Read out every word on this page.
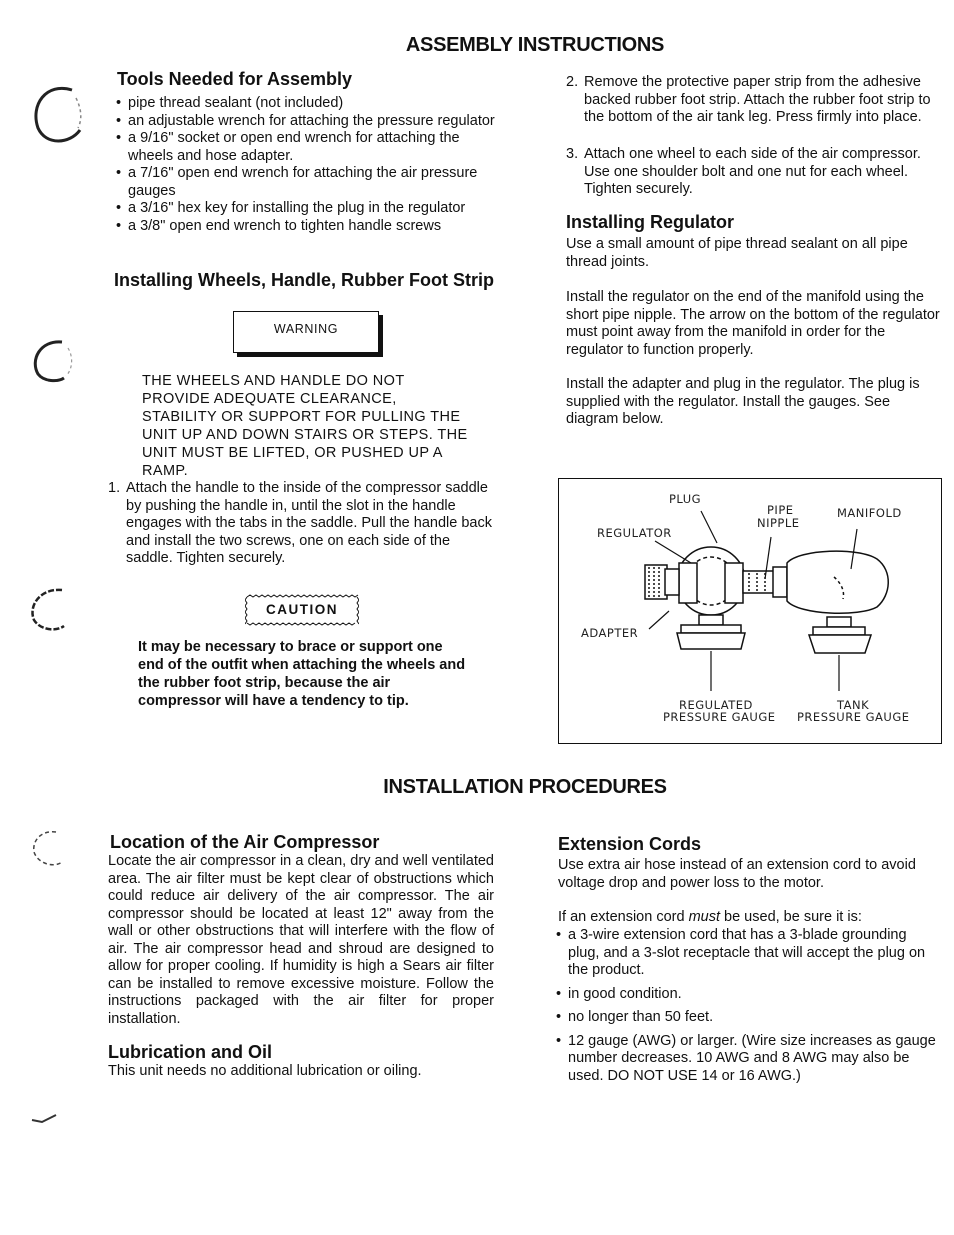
ASSEMBLY INSTRUCTIONS
Tools Needed for Assembly
• pipe thread sealant (not included)
• an adjustable wrench for attaching the pressure regulator
• a 9/16" socket or open end wrench for attaching the wheels and hose adapter.
• a 7/16" open end wrench for attaching the air pressure gauges
• a 3/16" hex key for installing the plug in the regulator
• a 3/8" open end wrench to tighten handle screws
Installing Wheels, Handle, Rubber Foot Strip
WARNING
THE WHEELS AND HANDLE DO NOT PROVIDE ADEQUATE CLEARANCE, STABILITY OR SUPPORT FOR PULLING THE UNIT UP AND DOWN STAIRS OR STEPS. THE UNIT MUST BE LIFTED, OR PUSHED UP A RAMP.
1. Attach the handle to the inside of the compressor saddle by pushing the handle in, until the slot in the handle engages with the tabs in the saddle. Pull the handle back and install the two screws, one on each side of the saddle. Tighten securely.
CAUTION
It may be necessary to brace or support one end of the outfit when attaching the wheels and the rubber foot strip, because the air compressor will have a tendency to tip.
2. Remove the protective paper strip from the adhesive backed rubber foot strip. Attach the rubber foot strip to the bottom of the air tank leg. Press firmly into place.
3. Attach one wheel to each side of the air compressor. Use one shoulder bolt and one nut for each wheel. Tighten securely.
Installing Regulator

Use a small amount of pipe thread sealant on all pipe thread joints.

Install the regulator on the end of the manifold using the short pipe nipple. The arrow on the bottom of the regulator must point away from the manifold in order for the regulator to function properly.

Install the adapter and plug in the regulator. The plug is supplied with the regulator. Install the gauges. See diagram below.

PLUG
PIPE
NIPPLE
MANIFOLD
REGULATOR
ADAPTER
REGULATED
PRESSURE GAUGE
TANK
PRESSURE GAUGE
INSTALLATION PROCEDURES
Location of the Air Compressor

Locate the air compressor in a clean, dry and well ventilated area. The air filter must be kept clear of obstructions which could reduce air delivery of the air compressor. The air compressor should be located at least 12" away from the wall or other obstructions that will interfere with the flow of air. The air compressor head and shroud are designed to allow for proper cooling. If humidity is high a Sears air filter can be installed to remove excessive moisture. Follow the instructions packaged with the air filter for proper installation.

Lubrication and Oil

This unit needs no additional lubrication or oiling.

Extension Cords

Use extra air hose instead of an extension cord to avoid voltage drop and power loss to the motor.

If an extension cord must be used, be sure it is:

• a 3-wire extension cord that has a 3-blade grounding plug, and a 3-slot receptacle that will accept the plug on the product.
• in good condition.
• no longer than 50 feet.
• 12 gauge (AWG) or larger. (Wire size increases as gauge number decreases. 10 AWG and 8 AWG may also be used. DO NOT USE 14 or 16 AWG.)
